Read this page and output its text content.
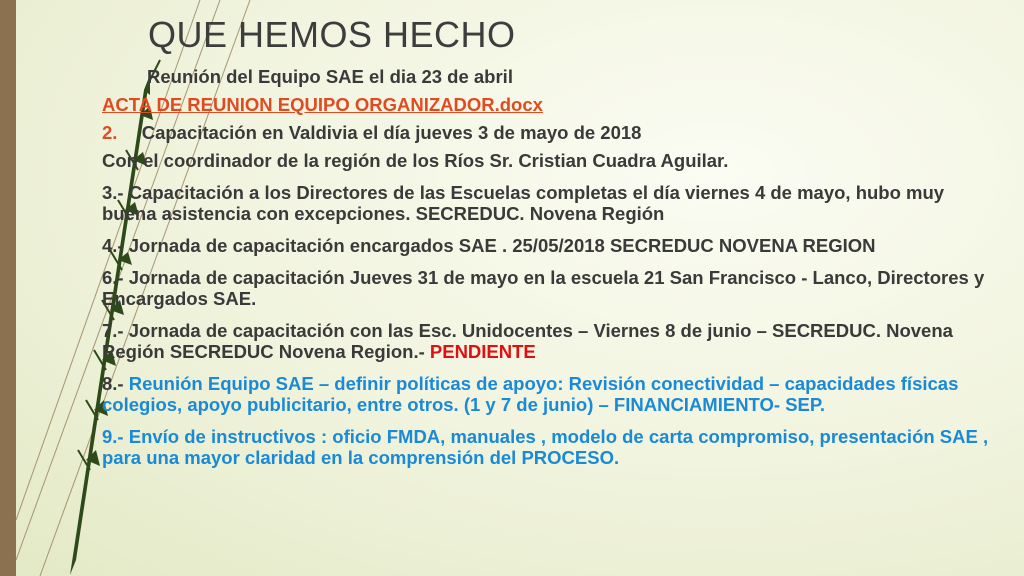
QUE HEMOS HECHO
Reunión del Equipo SAE el dia 23 de abril
ACTA DE REUNION EQUIPO ORGANIZADOR.docx
2. Capacitación en Valdivia el día jueves 3 de mayo de 2018
Con el coordinador de la región de los Ríos Sr. Cristian Cuadra Aguilar.
3.- Capacitación a los Directores de las Escuelas completas el día viernes 4 de mayo, hubo muy buena asistencia con excepciones. SECREDUC. Novena Región
4.- Jornada de capacitación encargados SAE . 25/05/2018 SECREDUC NOVENA REGION
6.- Jornada de capacitación Jueves 31 de mayo en la escuela 21 San Francisco - Lanco, Directores y Encargados SAE.
7.- Jornada de capacitación con las Esc. Unidocentes – Viernes 8 de junio – SECREDUC. Novena Región SECREDUC Novena Region.- PENDIENTE
8.- Reunión Equipo SAE – definir políticas de apoyo: Revisión conectividad – capacidades físicas colegios, apoyo publicitario, entre otros. (1 y 7 de junio) – FINANCIAMIENTO- SEP.
9.- Envío de instructivos : oficio FMDA, manuales , modelo de carta compromiso, presentación SAE , para una mayor claridad en la comprensión del PROCESO.
